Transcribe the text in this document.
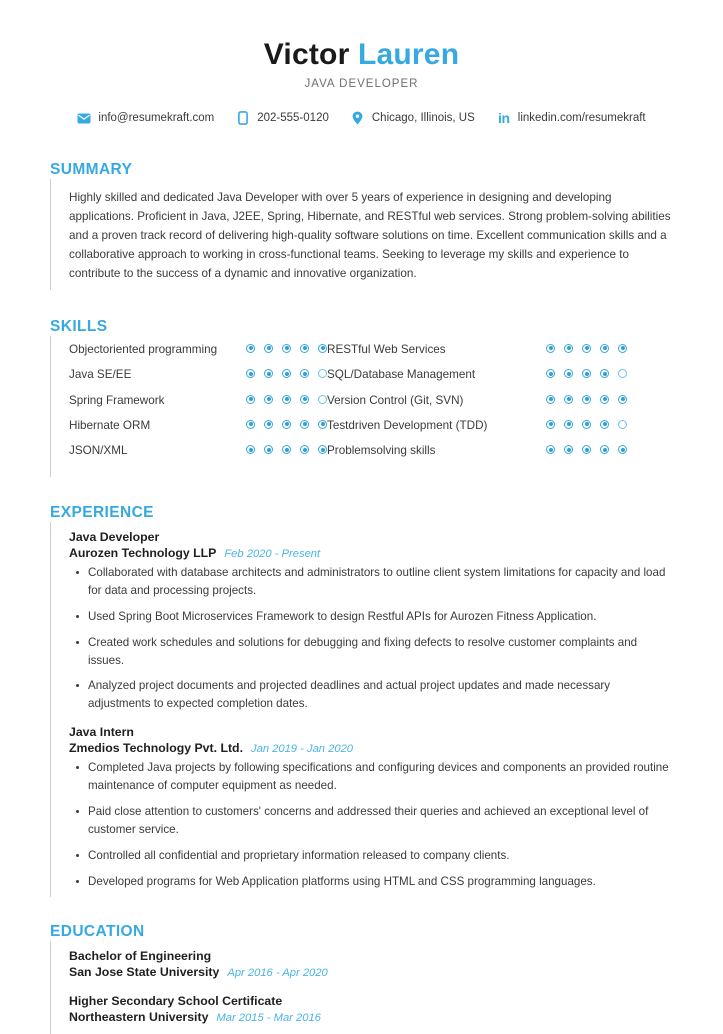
Victor Lauren
JAVA DEVELOPER
info@resumekraft.com	202-555-0120	Chicago, Illinois, US in linkedin.com/resumekraft
SUMMARY

Highly skilled and dedicated Java Developer with over 5 years of experience in designing and developing applications. Proficient in Java, J2EE, Spring, Hibernate, and RESTful web services. Strong problem-solving abilities and a proven track record of delivering high-quality software solutions on time. Excellent communication skills and a collaborative approach to working in cross-functional teams. Seeking to leverage my skills and experience to contribute to the success of a dynamic and innovative organization.

SKILLS
Objectoriented programming
Java SE/EE
Spring Framework
Hibernate ORM
JSON/XML
RESTful Web Services
SQL/Database Management
Version Control (Git, SVN)
Testdriven Development (TDD)
Problemsolving skills
EXPERIENCE
Java Developer
Aurozen Technology LLP Feb 2020 - Present
Collaborated with database architects and administrators to outline client system limitations for capacity and load for data and processing projects.
Used Spring Boot Microservices Framework to design Restful APIs for Aurozen Fitness Application.
Created work schedules and solutions for debugging and fixing defects to resolve customer complaints and issues.
Analyzed project documents and projected deadlines and actual project updates and made necessary adjustments to expected completion dates.
Java Intern
Zmedios Technology Pvt. Ltd. Jan 2019 - Jan 2020
Completed Java projects by following specifications and configuring devices and components an provided routine maintenance of computer equipment as needed.
Paid close attention to customers' concerns and addressed their queries and achieved an exceptional level of customer service.
Controlled all confidential and proprietary information released to company clients.
Developed programs for Web Application platforms using HTML and CSS programming languages.
EDUCATION
Bachelor of Engineering
San Jose State University Apr 2016 - Apr 2020
Higher Secondary School Certificate
Northeastern University Mar 2015 - Mar 2016
